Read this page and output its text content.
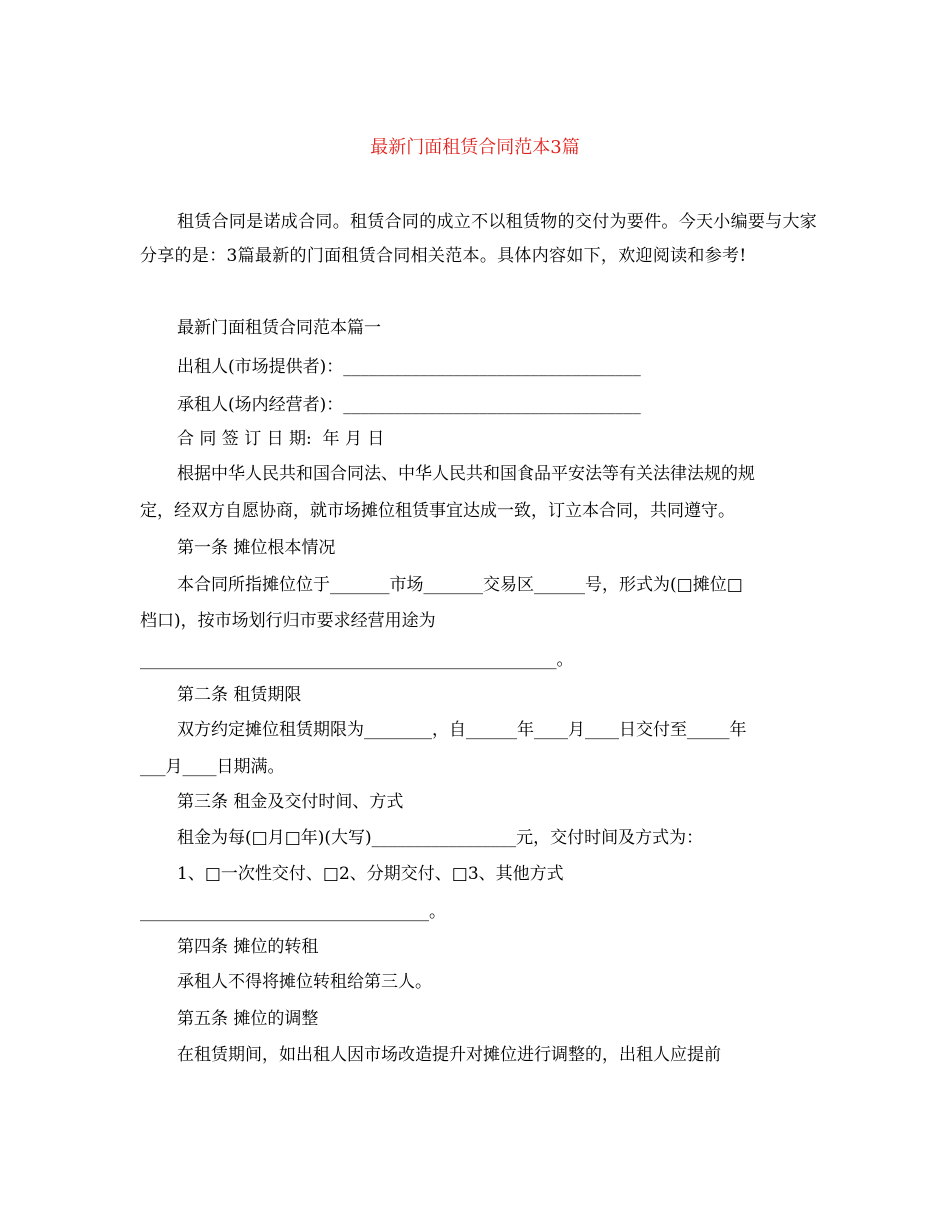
最新门面租赁合同范本3篇
租赁合同是诺成合同。租赁合同的成立不以租赁物的交付为要件。今天小编要与大家分享的是：3篇最新的门面租赁合同相关范本。具体内容如下，欢迎阅读和参考!
最新门面租赁合同范本篇一
出租人(市场提供者)：___________________________________
承租人(场内经营者)：___________________________________
合 同 签 订 日 期:  年 月 日
根据中华人民共和国合同法、中华人民共和国食品平安法等有关法律法规的规
定，经双方自愿协商，就市场摊位租赁事宜达成一致，订立本合同，共同遵守。
第一条 摊位根本情况
本合同所指摊位位于_______市场_______交易区______号，形式为(□摊位□
档口)，按市场划行归市要求经营用途为
_________________________________________________。
第二条 租赁期限
双方约定摊位租赁期限为________，自______年____月____日交付至_____年
___月____日期满。
第三条 租金及交付时间、方式
租金为每(□月□年)(大写)_________________元，交付时间及方式为：
1、□一次性交付、□2、分期交付、□3、其他方式
__________________________________。
第四条 摊位的转租
承租人不得将摊位转租给第三人。
第五条 摊位的调整
在租赁期间，如出租人因市场改造提升对摊位进行调整的，出租人应提前
